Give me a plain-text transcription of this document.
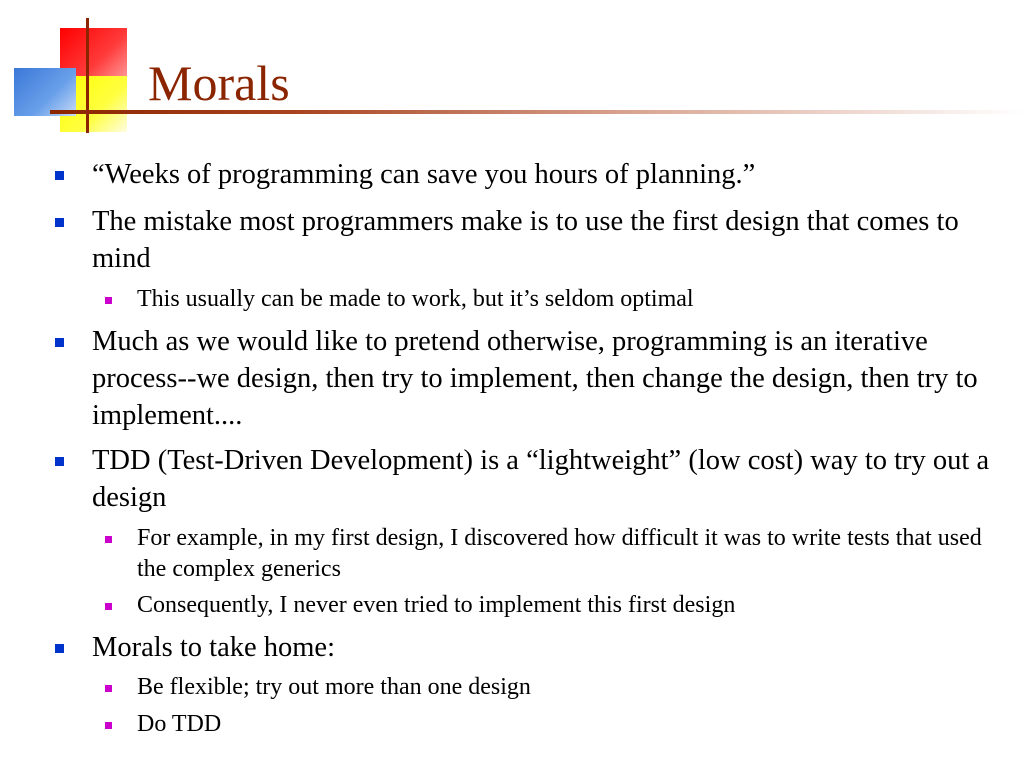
Morals
“Weeks of programming can save you hours of planning.”
The mistake most programmers make is to use the first design that comes to mind
This usually can be made to work, but it’s seldom optimal
Much as we would like to pretend otherwise, programming is an iterative process--we design, then try to implement, then change the design, then try to implement....
TDD (Test-Driven Development) is a “lightweight” (low cost) way to try out a design
For example, in my first design, I discovered how difficult it was to write tests that used the complex generics
Consequently, I never even tried to implement this first design
Morals to take home:
Be flexible; try out more than one design
Do TDD
